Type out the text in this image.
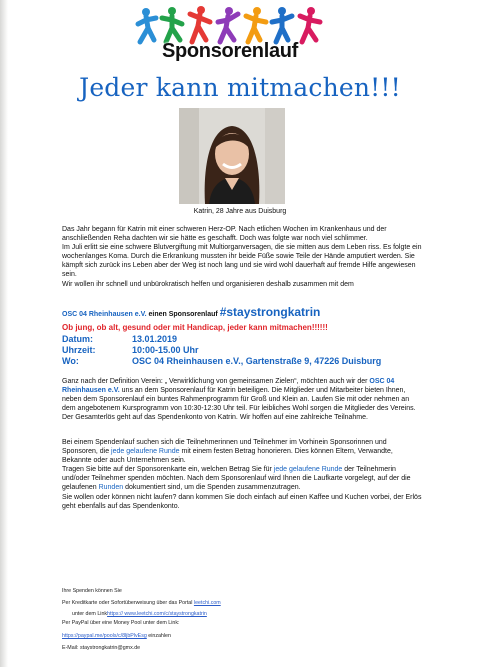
Sponsorenlauf
Jeder kann mitmachen!!!
Katrin, 28 Jahre aus Duisburg
Das Jahr begann für Katrin mit einer schweren Herz-OP. Nach etlichen Wochen im Krankenhaus und der anschließenden Reha dachten wir sie hätte es geschafft. Doch was folgte war noch viel schlimmer.
Im Juli erlitt sie eine schwere Blutvergiftung mit Multiorganversagen, die sie mitten aus dem Leben riss. Es folgte ein wochenlanges Koma. Durch die Erkrankung mussten ihr beide Füße sowie Teile der Hände amputiert werden. Sie kämpft sich zurück ins Leben aber der Weg ist noch lang und sie wird wohl dauerhaft auf fremde Hilfe angewiesen sein.
Wir wollen ihr schnell und unbürokratisch helfen und organisieren deshalb zusammen mit dem
OSC 04 Rheinhausen e.V. einen Sponsorenlauf #staystrongkatrin
Ob jung, ob alt, gesund oder mit Handicap, jeder kann mitmachen!!!!!!
Datum:	13.01.2019
Uhrzeit:	10:00-15.00 Uhr
Wo:	OSC 04 Rheinhausen e.V., Gartenstraße 9, 47226 Duisburg
Ganz nach der Definition Verein: „ Verwirklichung von gemeinsamen Zielen“, möchten auch wir der OSC 04 Rheinhausen e.V. uns an dem Sponsorenlauf für Katrin beteiligen. Die Mitglieder und Mitarbeiter bieten Ihnen, neben dem Sponsorenlauf ein buntes Rahmenprogramm für Groß und Klein an. Laufen Sie mit oder nehmen an dem angebotenem Kursprogramm von 10:30-12:30 Uhr teil. Für leibliches Wohl sorgen die Mitglieder des Vereins. Der Gesamterlös geht auf das Spendenkonto von Katrin. Wir hoffen auf eine zahlreiche Teilnahme.
Bei einem Spendenlauf suchen sich die Teilnehmerinnen und Teilnehmer im Vorhinein Sponsorinnen und Sponsoren, die jede gelaufene Runde mit einem festen Betrag honorieren. Dies können Eltern, Verwandte, Bekannte oder auch Unternehmen sein.
Tragen Sie bitte auf der Sponsorenkarte ein, welchen Betrag Sie für jede gelaufene Runde der Teilnehmerin und/oder Teilnehmer spenden möchten. Nach dem Sponsorenlauf wird Ihnen die Laufkarte vorgelegt, auf der die gelaufenen Runden dokumentiert sind, um die Spenden zusammenzutragen.
Sie wollen oder können nicht laufen? dann kommen Sie doch einfach auf einen Kaffee und Kuchen vorbei, der Erlös geht ebenfalls auf das Spendenkonto.
Ihre Spenden können Sie
Per Kreditkarte oder Sofortüberweisung über das Portal leetchi.com
unter dem Linkhttps:// www.leetchi.com/c/staystrongkatrin
Per PayPal über eine Money Pool unter dem Link:
https://paypal.me/pools/c/8ljbPlvEsg einzahlen
E-Mail: staystrongkatrin@gmx.de
